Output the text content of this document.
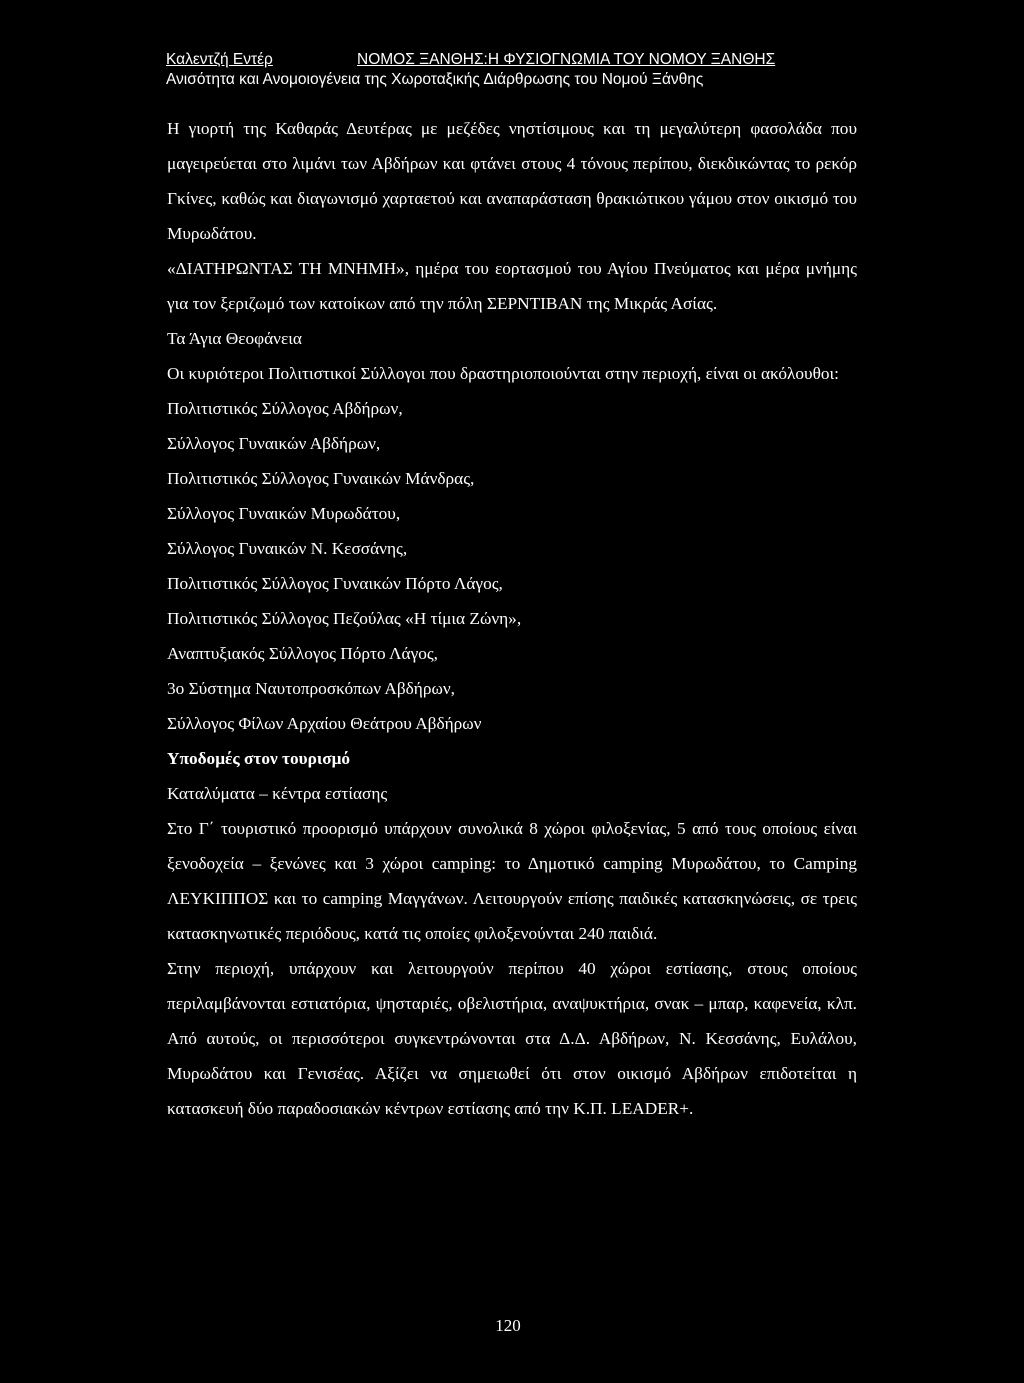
Καλεντζή Εντέρ	ΝΟΜΟΣ ΞΑΝΘΗΣ:Η ΦΥΣΙΟΓΝΩΜΙΑ ΤΟΥ ΝΟΜΟΥ ΞΑΝΘΗΣ
Ανισότητα και Ανομοιογένεια της Χωροταξικής Διάρθρωσης του Νομού Ξάνθης

Η γιορτή της Καθαράς Δευτέρας με μεζέδες νηστίσιμους και τη μεγαλύτερη φασολάδα που μαγειρεύεται στο λιμάνι των Αβδήρων και φτάνει στους 4 τόνους περίπου, διεκδικώντας το ρεκόρ Γκίνες, καθώς και διαγωνισμό χαρταετού και αναπαράσταση θρακιώτικου γάμου στον οικισμό του Μυρωδάτου.

«ΔΙΑΤΗΡΩΝΤΑΣ ΤΗ ΜΝΗΜΗ», ημέρα του εορτασμού του Αγίου Πνεύματος και μέρα μνήμης για τον ξεριζωμό των κατοίκων από την πόλη ΣΕΡΝΤΙΒΑΝ της Μικράς Ασίας.

Τα Άγια Θεοφάνεια

Οι κυριότεροι Πολιτιστικοί Σύλλογοι που δραστηριοποιούνται στην περιοχή, είναι οι ακόλουθοι:

Πολιτιστικός Σύλλογος Αβδήρων,
Σύλλογος Γυναικών Αβδήρων,
Πολιτιστικός Σύλλογος Γυναικών Μάνδρας,
Σύλλογος Γυναικών Μυρωδάτου,
Σύλλογος Γυναικών Ν. Κεσσάνης,
Πολιτιστικός Σύλλογος Γυναικών Πόρτο Λάγος,
Πολιτιστικός Σύλλογος Πεζούλας «Η τίμια Ζώνη»,
Αναπτυξιακός Σύλλογος Πόρτο Λάγος,
3ο Σύστημα Ναυτοπροσκόπων Αβδήρων,
Σύλλογος Φίλων Αρχαίου Θεάτρου Αβδήρων

Υποδομές στον τουρισμό

Καταλύματα – κέντρα εστίασης

Στο Γ΄ τουριστικό προορισμό υπάρχουν συνολικά 8 χώροι φιλοξενίας, 5 από τους οποίους είναι ξενοδοχεία – ξενώνες και 3 χώροι camping: το Δημοτικό camping Μυρωδάτου, το Camping ΛΕΥΚΙΠΠΟΣ και το camping Μαγγάνων. Λειτουργούν επίσης παιδικές κατασκηνώσεις, σε τρεις κατασκηνωτικές περιόδους, κατά τις οποίες φιλοξενούνται 240 παιδιά.

Στην περιοχή, υπάρχουν και λειτουργούν περίπου 40 χώροι εστίασης, στους οποίους περιλαμβάνονται εστιατόρια, ψησταριές, οβελιστήρια, αναψυκτήρια, σνακ – μπαρ, καφενεία, κλπ. Από αυτούς, οι περισσότεροι συγκεντρώνονται στα Δ.Δ. Αβδήρων, Ν. Κεσσάνης, Ευλάλου, Μυρωδάτου και Γενισέας. Αξίζει να σημειωθεί ότι στον οικισμό Αβδήρων επιδοτείται η κατασκευή δύο παραδοσιακών κέντρων εστίασης από την Κ.Π. LEADER+.

120
